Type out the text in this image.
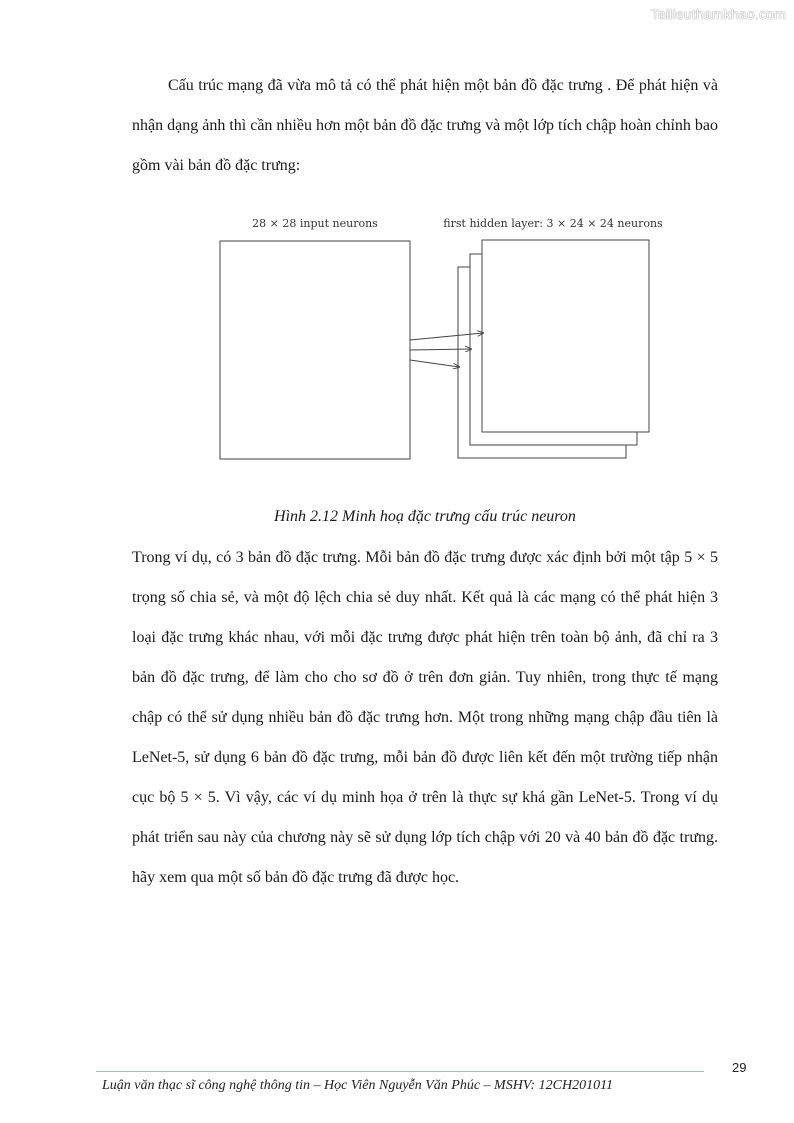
Tailieuthamkhao.com

Cấu trúc mạng đã vừa mô tả có thể phát hiện một bản đồ đặc trưng . Để phát hiện và nhận dạng ảnh thì cần nhiều hơn một bản đồ đặc trưng và một lớp tích chập hoàn chỉnh bao gồm vài bản đồ đặc trưng:

28 × 28 input neurons	first hidden layer: 3 × 24 × 24 neurons

Hình 2.12 Minh hoạ đặc trưng cấu trúc neuron

Trong ví dụ, có 3 bản đồ đặc trưng. Mỗi bản đồ đặc trưng được xác định bởi một tập 5 × 5 trọng số chia sẻ, và một độ lệch chia sẻ duy nhất. Kết quả là các mạng có thể phát hiện 3 loại đặc trưng khác nhau, với mỗi đặc trưng được phát hiện trên toàn bộ ảnh, đã chỉ ra 3 bản đồ đặc trưng, để làm cho cho sơ đồ ở trên đơn giản. Tuy nhiên, trong thực tế mạng chập có thể sử dụng nhiều bản đồ đặc trưng hơn. Một trong những mạng chập đầu tiên là LeNet-5, sử dụng 6 bản đồ đặc trưng, mỗi bản đồ được liên kết đến một trường tiếp nhận cục bộ 5 × 5. Vì vậy, các ví dụ minh họa ở trên là thực sự khá gần LeNet-5. Trong ví dụ phát triển sau này của chương này sẽ sử dụng lớp tích chập với 20 và 40 bản đồ đặc trưng. hãy xem qua một số bản đồ đặc trưng đã được học.

29
Luận văn thạc sĩ công nghệ thông tin – Học Viên Nguyễn Văn Phúc – MSHV: 12CH201011
